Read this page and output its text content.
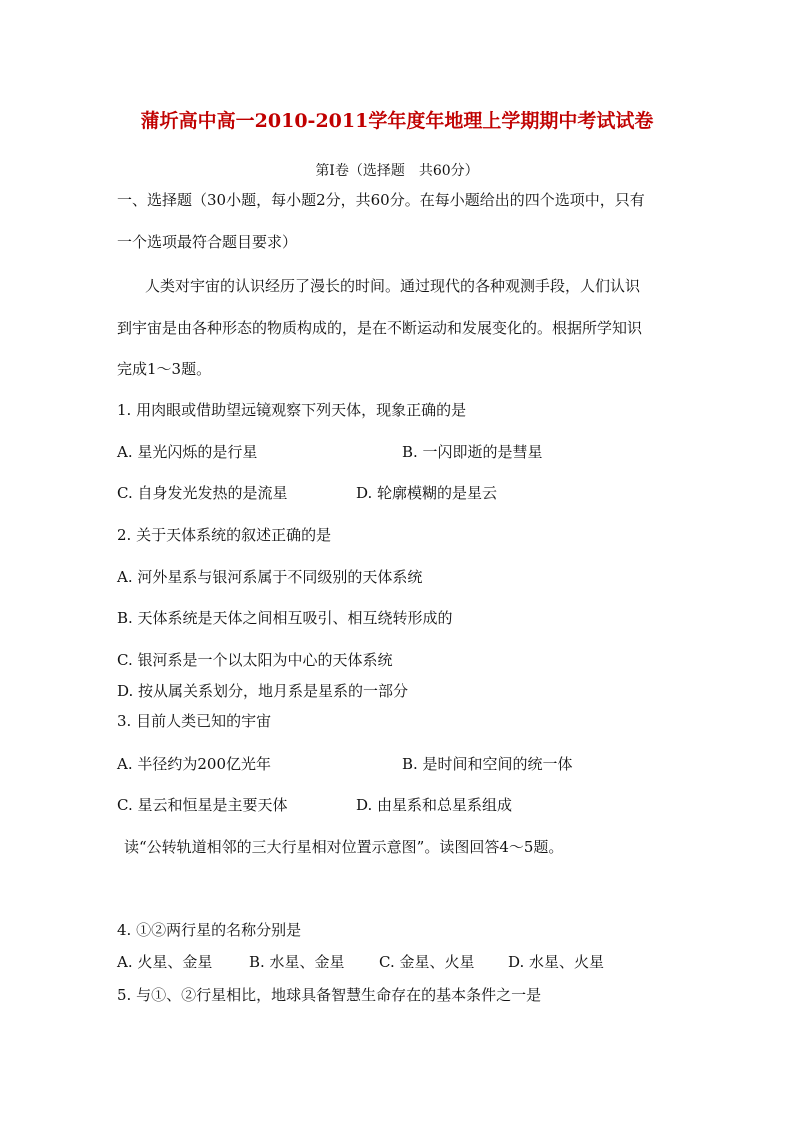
蒲圻高中高一2010-2011学年度年地理上学期期中考试试卷
第Ⅰ卷（选择题　共60分）
一、选择题（30小题，每小题2分，共60分。在每小题给出的四个选项中，只有
一个选项最符合题目要求）
人类对宇宙的认识经历了漫长的时间。通过现代的各种观测手段，人们认识
到宇宙是由各种形态的物质构成的，是在不断运动和发展变化的。根据所学知识
完成1～3题。
1. 用肉眼或借助望远镜观察下列天体，现象正确的是
A. 星光闪烁的是行星	B. 一闪即逝的是彗星
C. 自身发光发热的是流星	D. 轮廓模糊的是星云
2. 关于天体系统的叙述正确的是
A. 河外星系与银河系属于不同级别的天体系统
B. 天体系统是天体之间相互吸引、相互绕转形成的
C. 银河系是一个以太阳为中心的天体系统
D. 按从属关系划分，地月系是星系的一部分
3. 目前人类已知的宇宙
A. 半径约为200亿光年	B. 是时间和空间的统一体
C. 星云和恒星是主要天体	D. 由星系和总星系组成
读“公转轨道相邻的三大行星相对位置示意图”。读图回答4～5题。
4. ①②两行星的名称分别是
A. 火星、金星 B. 水星、金星 C. 金星、火星 D. 水星、火星
5. 与①、②行星相比，地球具备智慧生命存在的基本条件之一是
